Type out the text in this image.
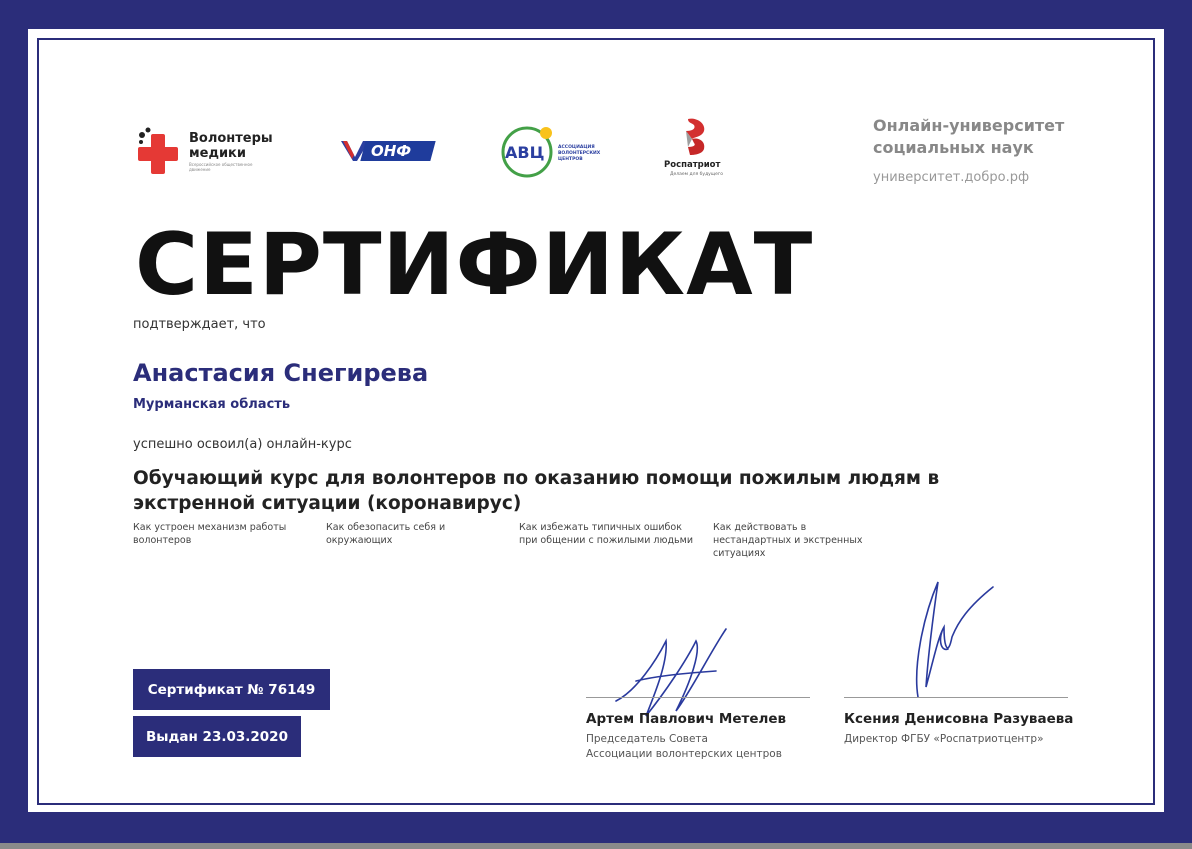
Волонтеры
медики
Всероссийское общественное движение
ОНФ	АВЦ	АССОЦИАЦИЯ ВОЛОНТЕРСКИХ ЦЕНТРОВ
Роспатриот
Делаем для будущего
Онлайн-университет социальных наук
университет.добро.рф
СЕРТИФИКАТ
подтверждает, что
Анастасия Снегирева
Мурманская область
успешно освоил(а) онлайн-курс
Обучающий курс для волонтеров по оказанию помощи пожилым людям в экстренной ситуации (коронавирус)
Как устроен механизм работы волонтеров
Как обезопасить себя и окружающих
Как избежать типичных ошибок при общении с пожилыми людьми
Как действовать в нестандартных и экстренных ситуациях
Сертификат № 76149
Выдан 23.03.2020
Артем Павлович Метелев
Председатель Совета
Ассоциации волонтерских центров
Ксения Денисовна Разуваева
Директор ФГБУ «Роспатриотцентр»
